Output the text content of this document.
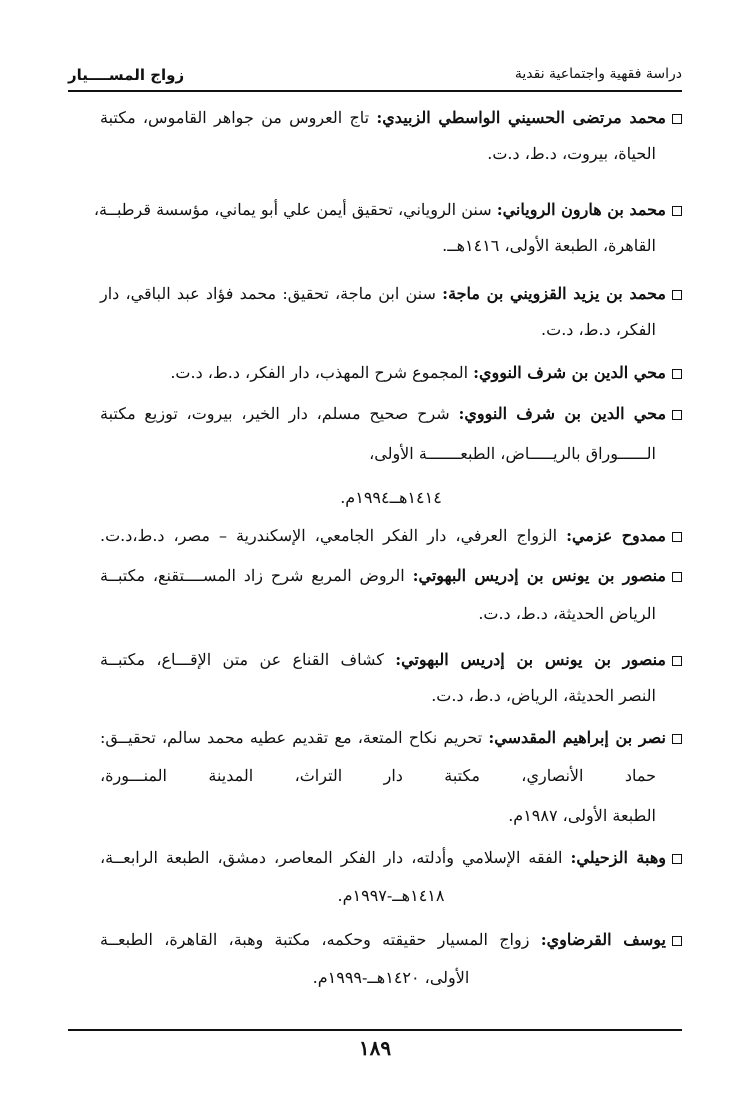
دراسة فقهية واجتماعية نقدية
زواج المســــيار
محمد مرتضى الحسيني الواسطي الزبيدي: تاج العروس من جواهر القاموس، مكتبة
الحياة، بيروت، د.ط، د.ت.
محمد بن هارون الروياني: سنن الروياني، تحقيق أيمن علي أبو يماني، مؤسسة قرطبــة،
القاهرة، الطبعة الأولى، ١٤١٦هــ.
محمد بن يزيد القزويني بن ماجة: سنن ابن ماجة، تحقيق: محمد فؤاد عبد الباقي، دار
الفكر، د.ط، د.ت.
محي الدين بن شرف النووي: المجموع شرح المهذب، دار الفكر، د.ط، د.ت.
محي الدين بن شرف النووي: شرح صحيح مسلم، دار الخير، بيروت، توزيع مكتبة
الــــــوراق بالريـــــاض، الطبعـــــــة الأولى،
١٤١٤هــ١٩٩٤م.
ممدوح عزمي: الزواج العرفي، دار الفكر الجامعي، الإسكندرية – مصر، د.ط،د.ت.
منصور بن يونس بن إدريس البهوتي: الروض المربع شرح زاد المســــتقنع، مكتبــة
الرياض الحديثة، د.ط، د.ت.
منصور بن يونس بن إدريس البهوتي: كشاف القناع عن متن الإقـــاع، مكتبــة
النصر الحديثة، الرياض، د.ط، د.ت.
نصر بن إبراهيم المقدسي: تحريم نكاح المتعة، مع تقديم عطيه محمد سالم، تحقيــق:
حماد الأنصاري، مكتبة دار التراث، المدينة المنـــورة،
الطبعة الأولى، ١٩٨٧م.
وهبة الزحيلي: الفقه الإسلامي وأدلته، دار الفكر المعاصر، دمشق، الطبعة الرابعــة،
١٤١٨هــ-١٩٩٧م.
يوسف القرضاوي: زواج المسيار حقيقته وحكمه، مكتبة وهبة، القاهرة، الطبعــة
الأولى، ١٤٢٠هــ-١٩٩٩م.
١٨٩
